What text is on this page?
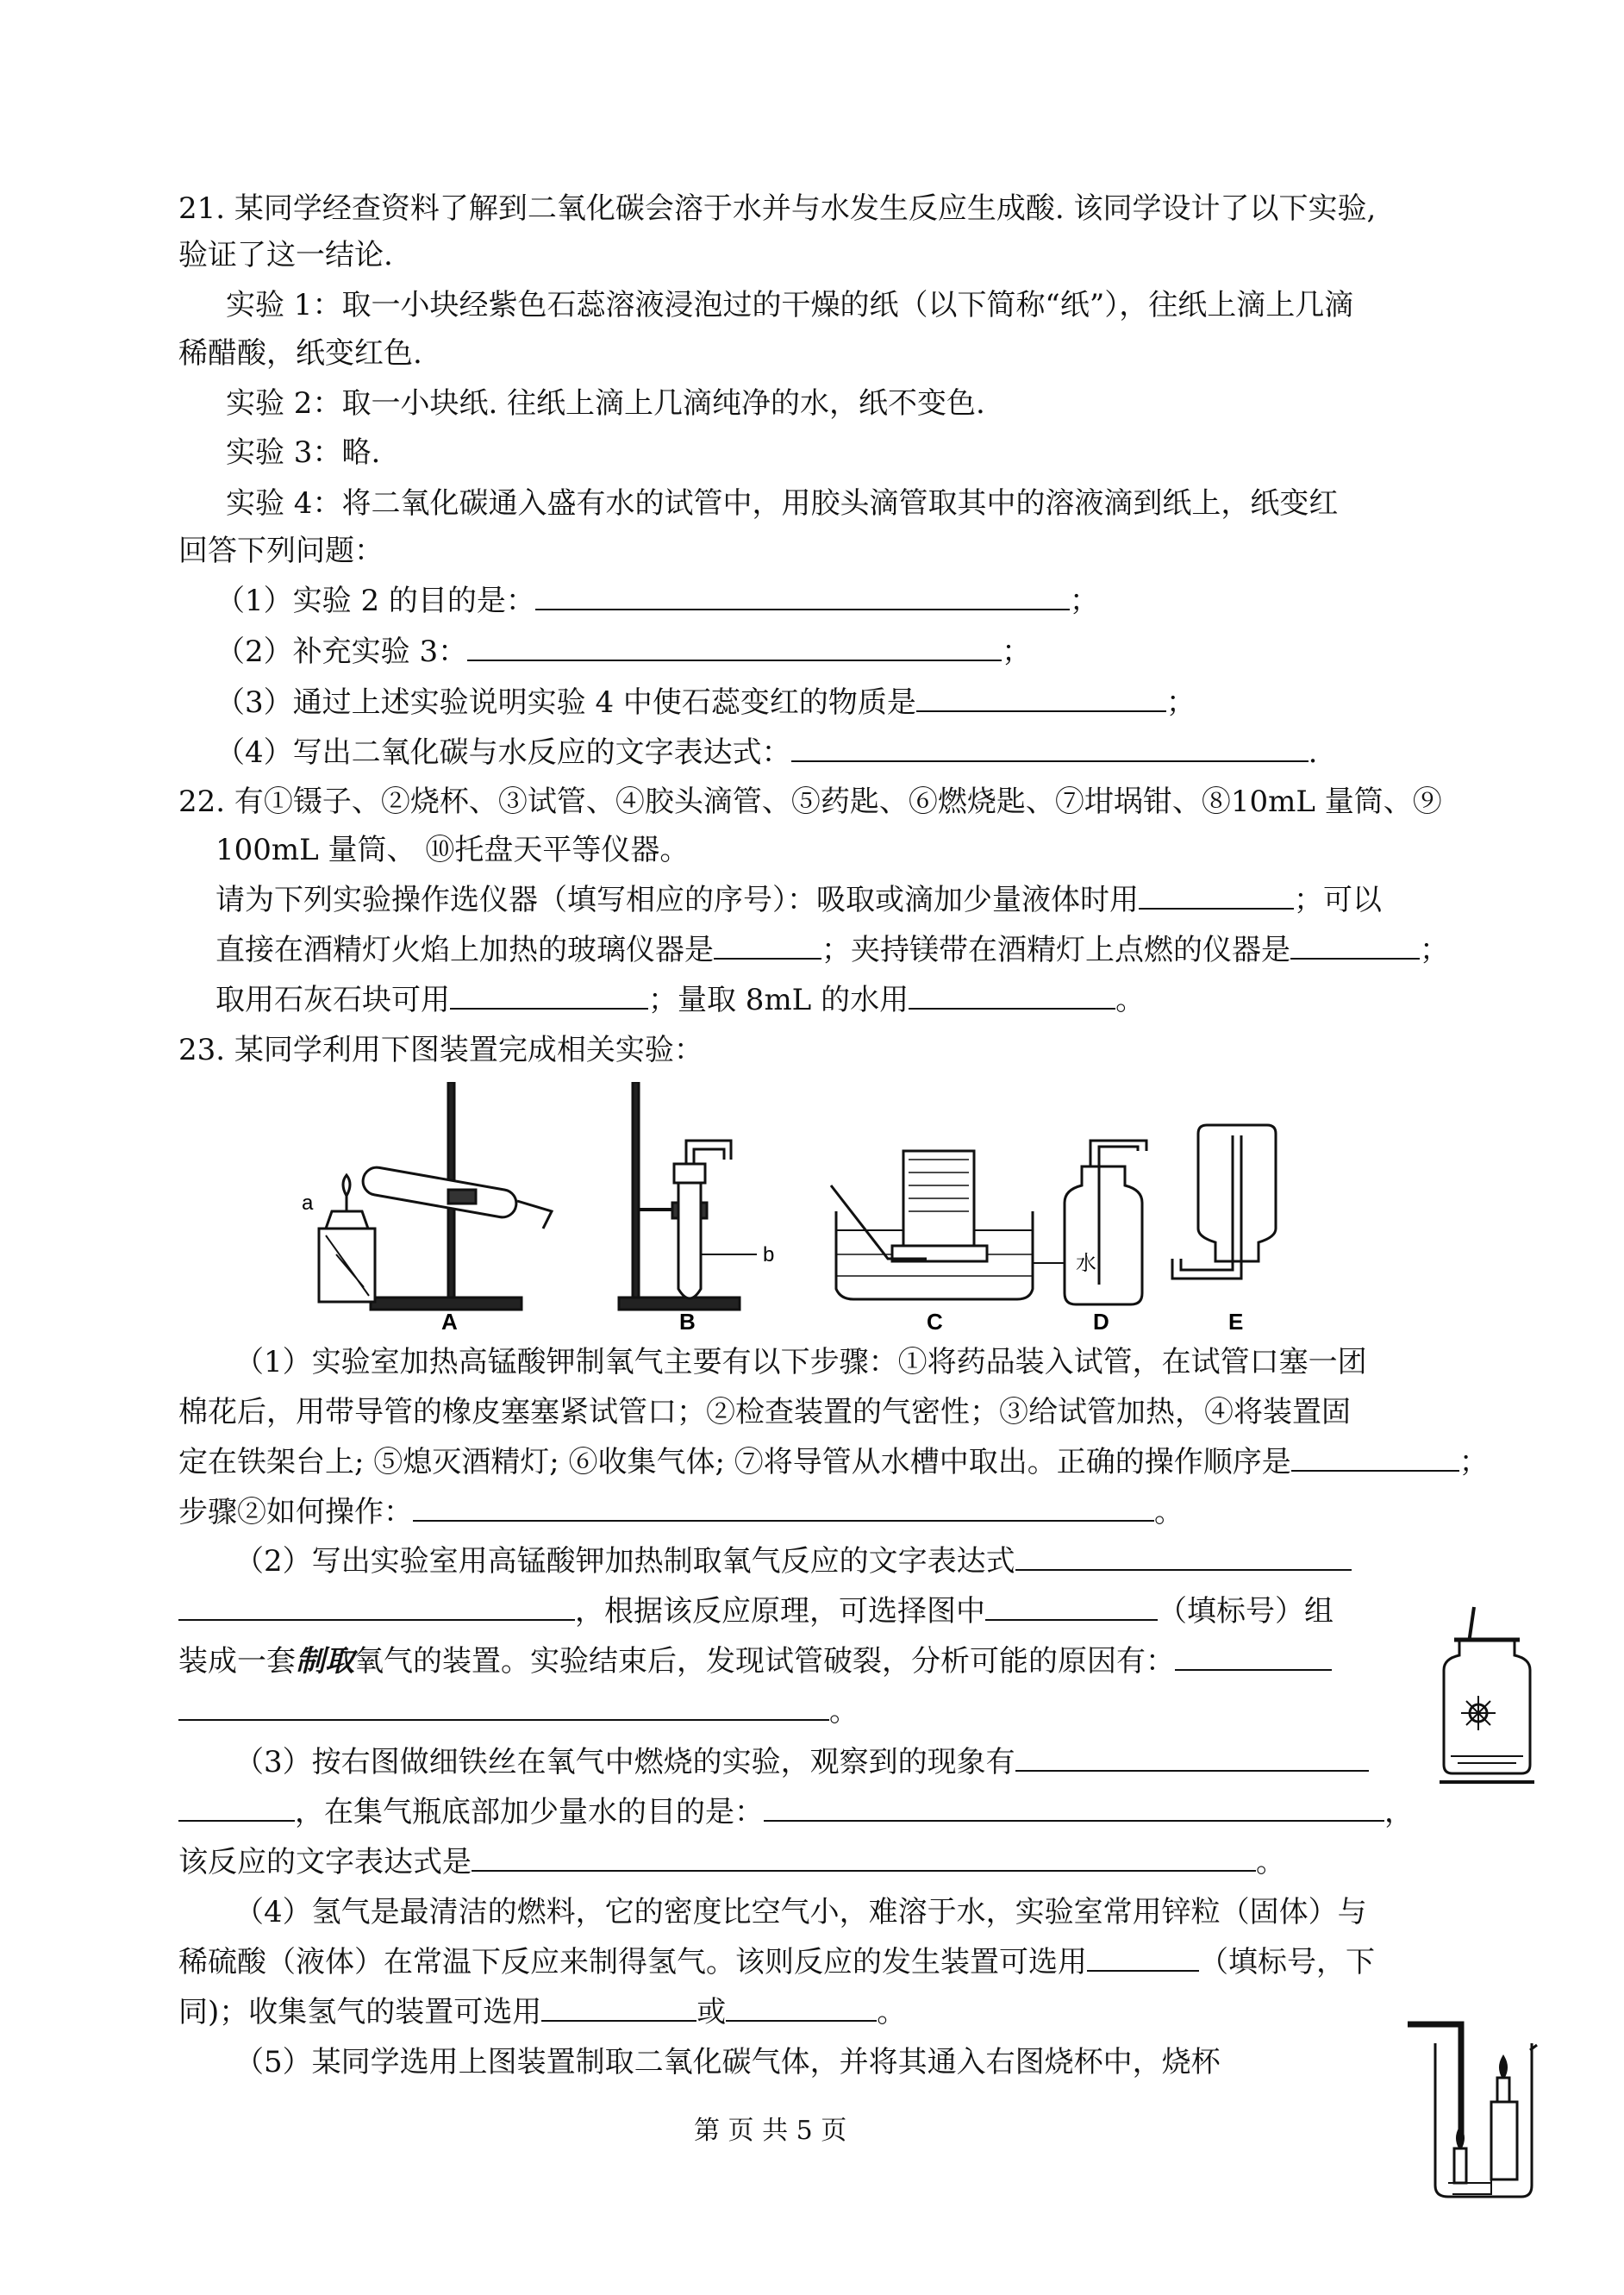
21. 某同学经查资料了解到二氧化碳会溶于水并与水发生反应生成酸. 该同学设计了以下实验,
验证了这一结论.
实验 1：取一小块经紫色石蕊溶液浸泡过的干燥的纸（以下简称“纸”），往纸上滴上几滴
稀醋酸，纸变红色.
实验 2：取一小块纸. 往纸上滴上几滴纯净的水，纸不变色.
实验 3：略.
实验 4：将二氧化碳通入盛有水的试管中，用胶头滴管取其中的溶液滴到纸上，纸变红
回答下列问题：
（1）实验 2 的目的是：	；
（2）补充实验 3：	；
（3）通过上述实验说明实验 4 中使石蕊变红的物质是	；
（4）写出二氧化碳与水反应的文字表达式：	.
22. 有①镊子、②烧杯、③试管、④胶头滴管、⑤药匙、⑥燃烧匙、⑦坩埚钳、⑧10mL 量筒、⑨
100mL 量筒、 ⑩托盘天平等仪器。
请为下列实验操作选仪器（填写相应的序号）：吸取或滴加少量液体时用	；可以
直接在酒精灯火焰上加热的玻璃仪器是	；夹持镁带在酒精灯上点燃的仪器是	；
取用石灰石块可用	；量取 8mL 的水用	。
23. 某同学利用下图装置完成相关实验：
a
b	水
A	B	C	D	E
（1）实验室加热高锰酸钾制氧气主要有以下步骤：①将药品装入试管，在试管口塞一团
棉花后，用带导管的橡皮塞塞紧试管口；②检查装置的气密性；③给试管加热，④将装置固
定在铁架台上; ⑤熄灭酒精灯; ⑥收集气体; ⑦将导管从水槽中取出。正确的操作顺序是	；
步骤②如何操作：	。
（2）写出实验室用高锰酸钾加热制取氧气反应的文字表达式
，根据该反应原理，可选择图中	（填标号）组
装成一套制取氧气的装置。实验结束后，发现试管破裂，分析可能的原因有：
。
（3）按右图做细铁丝在氧气中燃烧的实验，观察到的现象有
，在集气瓶底部加少量水的目的是：	，
该反应的文字表达式是	。
（4）氢气是最清洁的燃料，它的密度比空气小，难溶于水，实验室常用锌粒（固体）与
稀硫酸（液体）在常温下反应来制得氢气。该则反应的发生装置可选用	（填标号，下
同)；收集氢气的装置可选用	或	。
（5）某同学选用上图装置制取二氧化碳气体，并将其通入右图烧杯中，烧杯
第 页 共 5 页
